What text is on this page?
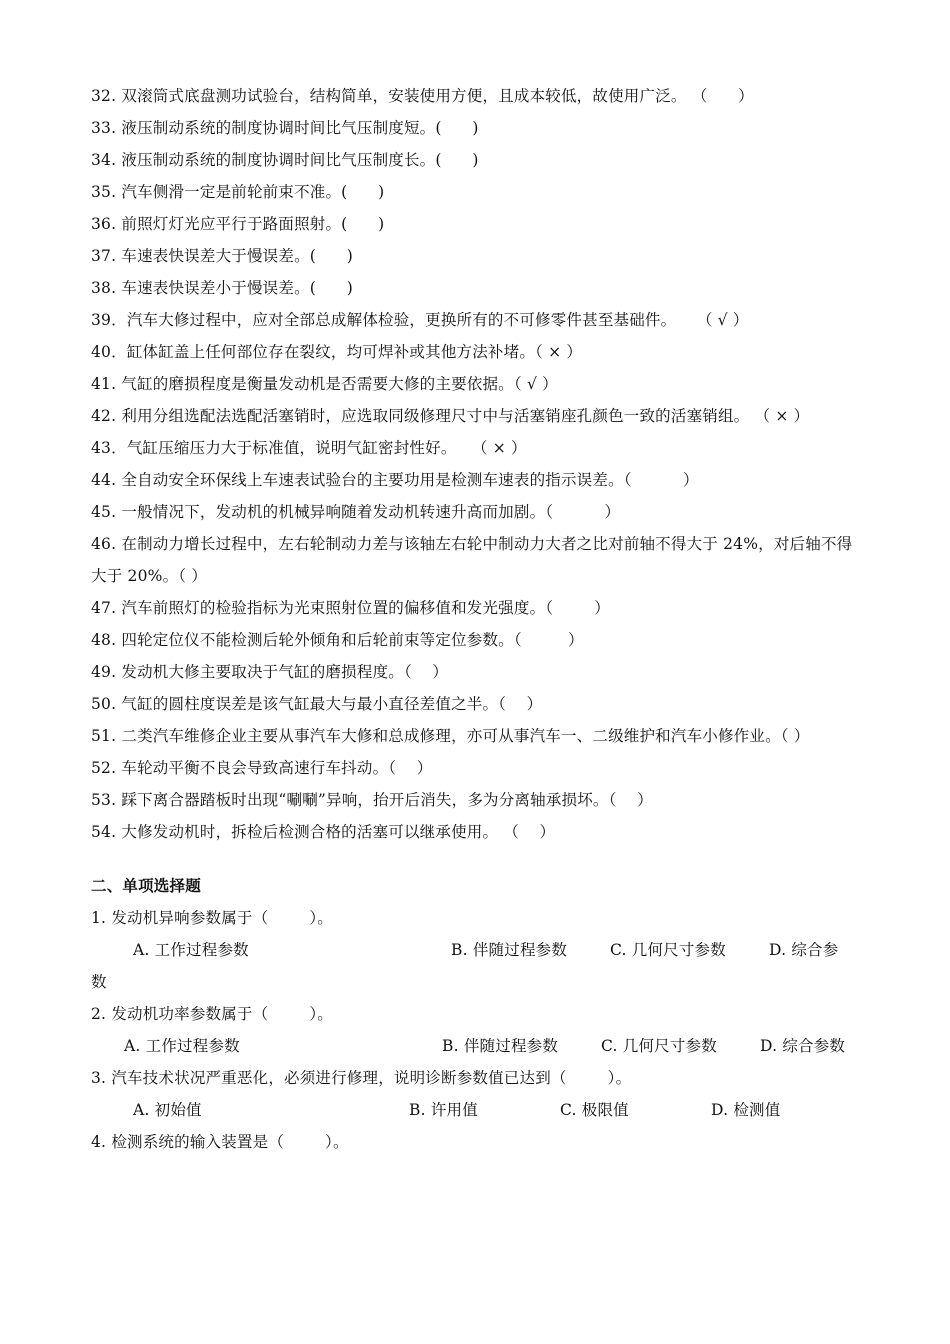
32. 双滚筒式底盘测功试验台，结构简单，安装使用方便，且成本较低，故使用广泛。 （      ）
33. 液压制动系统的制度协调时间比气压制度短。(      )
34. 液压制动系统的制度协调时间比气压制度长。(      )
35. 汽车侧滑一定是前轮前束不准。(      )
36. 前照灯灯光应平行于路面照射。(      )
37. 车速表快误差大于慢误差。(      )
38. 车速表快误差小于慢误差。(      )
39．汽车大修过程中，应对全部总成解体检验，更换所有的不可修零件甚至基础件。    （ √ ）
40．缸体缸盖上任何部位存在裂纹，均可焊补或其他方法补堵。（ × ）
41. 气缸的磨损程度是衡量发动机是否需要大修的主要依据。（ √ ）
42. 利用分组选配法选配活塞销时，应选取同级修理尺寸中与活塞销座孔颜色一致的活塞销组。 （ × ）
43．气缸压缩压力大于标准值，说明气缸密封性好。   （ × ）
44. 全自动安全环保线上车速表试验台的主要功用是检测车速表的指示误差。（          ）
45. 一般情况下，发动机的机械异响随着发动机转速升高而加剧。（          ）
46. 在制动力增长过程中，左右轮制动力差与该轴左右轮中制动力大者之比对前轴不得大于 24%，对后轴不得大于 20%。（ ）
47. 汽车前照灯的检验指标为光束照射位置的偏移值和发光强度。（        ）
48. 四轮定位仪不能检测后轮外倾角和后轮前束等定位参数。（         ）
49. 发动机大修主要取决于气缸的磨损程度。（    ）
50. 气缸的圆柱度误差是该气缸最大与最小直径差值之半。（    ）
51. 二类汽车维修企业主要从事汽车大修和总成修理，亦可从事汽车一、二级维护和汽车小修作业。（ ）
52. 车轮动平衡不良会导致高速行车抖动。（    ）
53. 踩下离合器踏板时出现“唰唰”异响，抬开后消失，多为分离轴承损坏。（    ）
54. 大修发动机时，拆检后检测合格的活塞可以继承使用。 （    ）
二、单项选择题
1. 发动机异响参数属于（        ）。
A. 工作过程参数	B. 伴随过程参数	C. 几何尺寸参数	D. 综合参
数
2. 发动机功率参数属于（        ）。
A. 工作过程参数	B. 伴随过程参数	C. 几何尺寸参数	D. 综合参数
3. 汽车技术状况严重恶化，必须进行修理，说明诊断参数值已达到（        ）。
A. 初始值	B. 许用值	C. 极限值	D. 检测值
4. 检测系统的输入装置是（        ）。
